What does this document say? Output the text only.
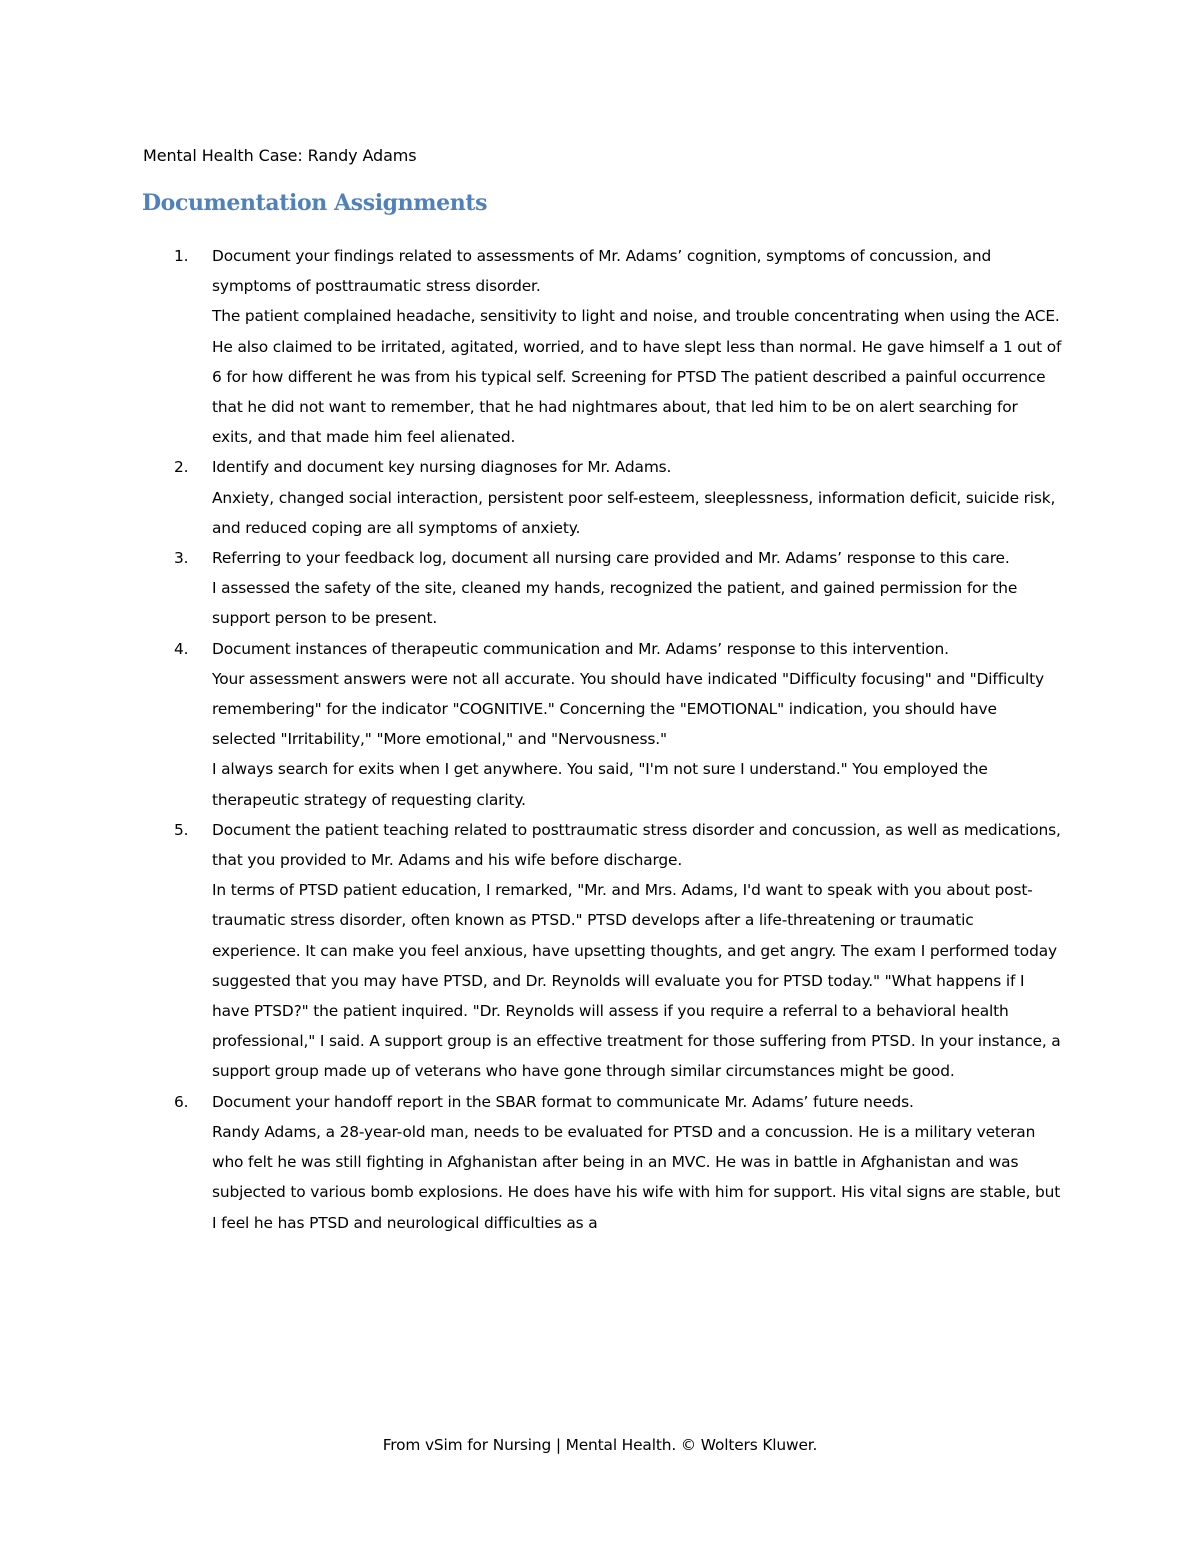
Mental Health Case: Randy Adams
Documentation Assignments
1. Document your findings related to assessments of Mr. Adams’ cognition, symptoms of concussion, and symptoms of posttraumatic stress disorder.
The patient complained headache, sensitivity to light and noise, and trouble concentrating when using the ACE. He also claimed to be irritated, agitated, worried, and to have slept less than normal. He gave himself a 1 out of 6 for how different he was from his typical self. Screening for PTSD The patient described a painful occurrence that he did not want to remember, that he had nightmares about, that led him to be on alert searching for exits, and that made him feel alienated.
2. Identify and document key nursing diagnoses for Mr. Adams.
Anxiety, changed social interaction, persistent poor self-esteem, sleeplessness, information deficit, suicide risk, and reduced coping are all symptoms of anxiety.
3. Referring to your feedback log, document all nursing care provided and Mr. Adams’ response to this care.
I assessed the safety of the site, cleaned my hands, recognized the patient, and gained permission for the support person to be present.
4. Document instances of therapeutic communication and Mr. Adams’ response to this intervention.
Your assessment answers were not all accurate. You should have indicated "Difficulty focusing" and "Difficulty remembering" for the indicator "COGNITIVE." Concerning the "EMOTIONAL" indication, you should have selected "Irritability," "More emotional," and "Nervousness."
I always search for exits when I get anywhere. You said, "I'm not sure I understand." You employed the therapeutic strategy of requesting clarity.
5. Document the patient teaching related to posttraumatic stress disorder and concussion, as well as medications, that you provided to Mr. Adams and his wife before discharge.
In terms of PTSD patient education, I remarked, "Mr. and Mrs. Adams, I'd want to speak with you about post-traumatic stress disorder, often known as PTSD." PTSD develops after a life-threatening or traumatic experience. It can make you feel anxious, have upsetting thoughts, and get angry. The exam I performed today suggested that you may have PTSD, and Dr. Reynolds will evaluate you for PTSD today." "What happens if I have PTSD?" the patient inquired. "Dr. Reynolds will assess if you require a referral to a behavioral health professional," I said. A support group is an effective treatment for those suffering from PTSD. In your instance, a support group made up of veterans who have gone through similar circumstances might be good.
6. Document your handoff report in the SBAR format to communicate Mr. Adams’ future needs.
Randy Adams, a 28-year-old man, needs to be evaluated for PTSD and a concussion. He is a military veteran who felt he was still fighting in Afghanistan after being in an MVC. He was in battle in Afghanistan and was subjected to various bomb explosions. He does have his wife with him for support. His vital signs are stable, but I feel he has PTSD and neurological difficulties as a
From vSim for Nursing | Mental Health. © Wolters Kluwer.
